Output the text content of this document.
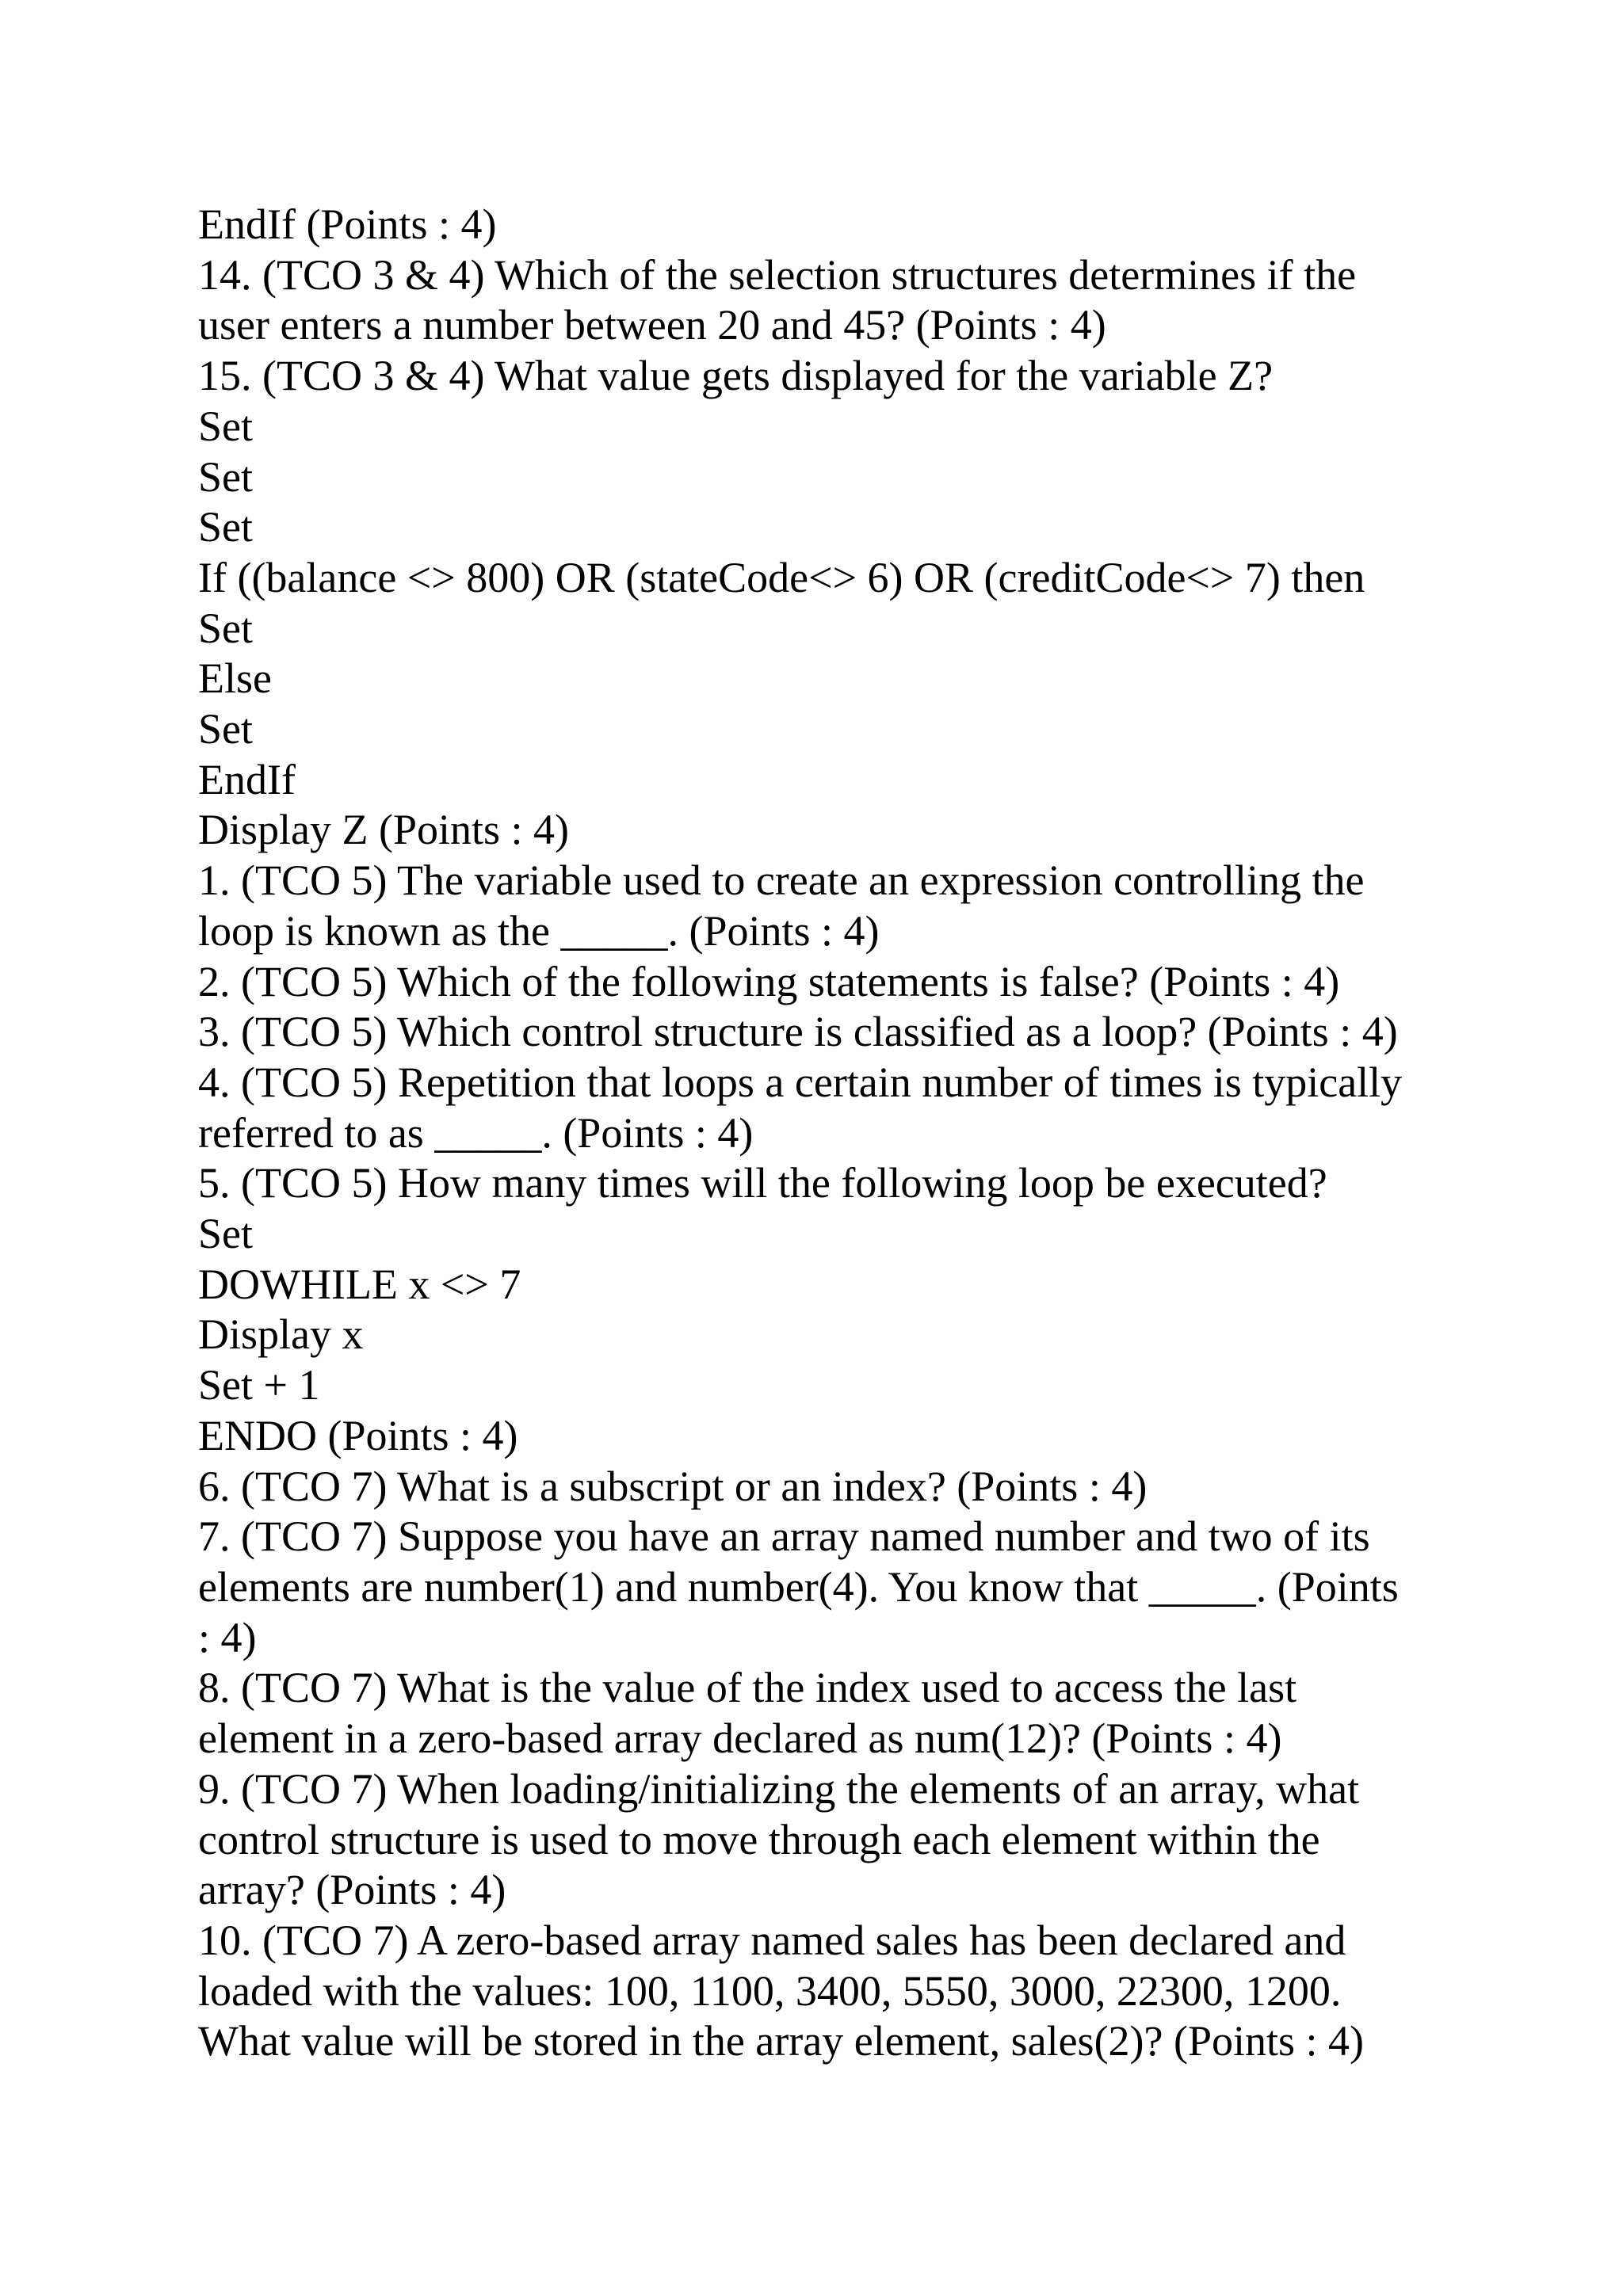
EndIf (Points : 4)
14. (TCO 3 & 4) Which of the selection structures determines if the
user enters a number between 20 and 45? (Points : 4)
15. (TCO 3 & 4) What value gets displayed for the variable Z?
Set
Set
Set
If ((balance <> 800) OR (stateCode<> 6) OR (creditCode<> 7) then
Set
Else
Set
EndIf
Display Z (Points : 4)
1. (TCO 5) The variable used to create an expression controlling the
loop is known as the _____. (Points : 4)
2. (TCO 5) Which of the following statements is false? (Points : 4)
3. (TCO 5) Which control structure is classified as a loop? (Points : 4)
4. (TCO 5) Repetition that loops a certain number of times is typically
referred to as _____. (Points : 4)
5. (TCO 5) How many times will the following loop be executed?
Set
DOWHILE x <> 7
Display x
Set + 1
ENDO (Points : 4)
6. (TCO 7) What is a subscript or an index? (Points : 4)
7. (TCO 7) Suppose you have an array named number and two of its
elements are number(1) and number(4). You know that _____. (Points
: 4)
8. (TCO 7) What is the value of the index used to access the last
element in a zero-based array declared as num(12)? (Points : 4)
9. (TCO 7) When loading/initializing the elements of an array, what
control structure is used to move through each element within the
array? (Points : 4)
10. (TCO 7) A zero-based array named sales has been declared and
loaded with the values: 100, 1100, 3400, 5550, 3000, 22300, 1200.
What value will be stored in the array element, sales(2)? (Points : 4)
